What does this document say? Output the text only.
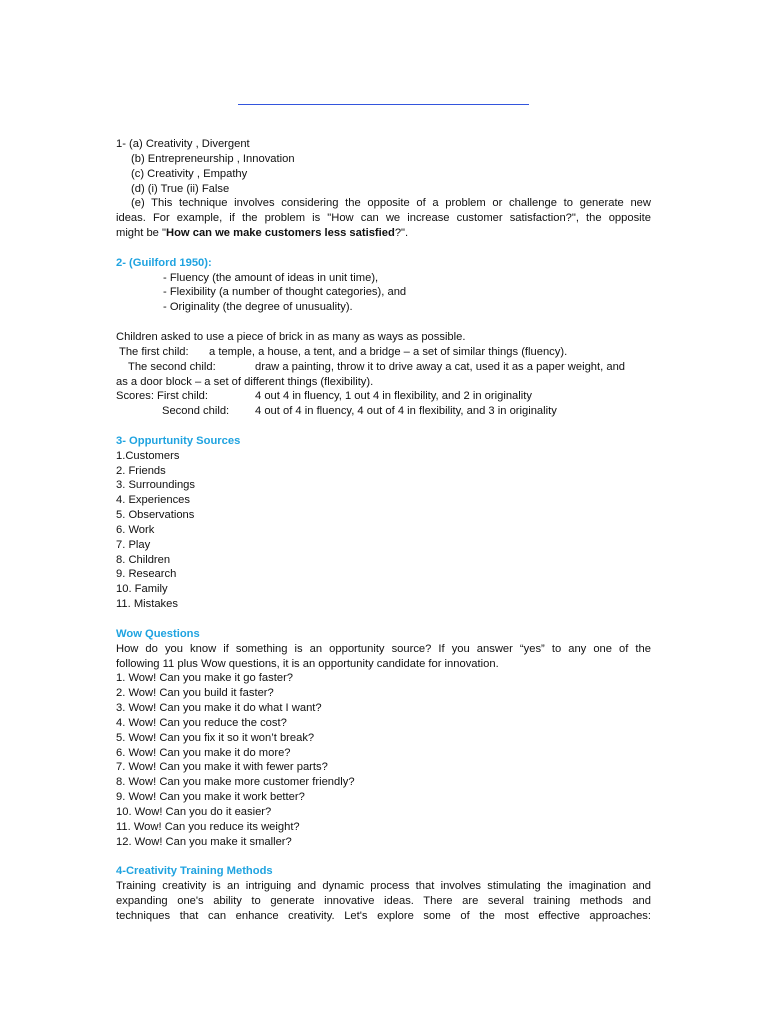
1- (a) Creativity , Divergent
(b) Entrepreneurship , Innovation
(c) Creativity , Empathy
(d) (i) True (ii) False
(e) This technique involves considering the opposite of a problem or challenge to generate new
ideas. For example, if the problem is "How can we increase customer satisfaction?", the opposite
might be "How can we make customers less satisfied?".
2- (Guilford 1950):
- Fluency (the amount of ideas in unit time),
- Flexibility (a number of thought categories), and
- Originality (the degree of unusuality).
Children asked to use a piece of brick in as many as ways as possible.
The first child: a temple, a house, a tent, and a bridge – a set of similar things (fluency).
The second child:	draw a painting, throw it to drive away a cat, used it as a paper weight, and
as a door block – a set of different things (flexibility).
Scores: First child:	4 out 4 in fluency, 1 out 4 in flexibility, and 2 in originality
Second child: 4 out of 4 in fluency, 4 out of 4 in flexibility, and 3 in originality
3- Oppurtunity Sources
1.Customers
2. Friends
3. Surroundings
4. Experiences
5. Observations
6. Work
7. Play
8. Children
9. Research
10. Family
11. Mistakes
Wow Questions
How do you know if something is an opportunity source? If you answer “yes” to any one of the
following 11 plus Wow questions, it is an opportunity candidate for innovation.
1. Wow! Can you make it go faster?
2. Wow! Can you build it faster?
3. Wow! Can you make it do what I want?
4. Wow! Can you reduce the cost?
5. Wow! Can you fix it so it won’t break?
6. Wow! Can you make it do more?
7. Wow! Can you make it with fewer parts?
8. Wow! Can you make more customer friendly?
9. Wow! Can you make it work better?
10. Wow! Can you do it easier?
11. Wow! Can you reduce its weight?
12. Wow! Can you make it smaller?
4-Creativity Training Methods
Training creativity is an intriguing and dynamic process that involves stimulating the imagination and
expanding one's ability to generate innovative ideas. There are several training methods and
techniques that can enhance creativity. Let's explore some of the most effective approaches:
